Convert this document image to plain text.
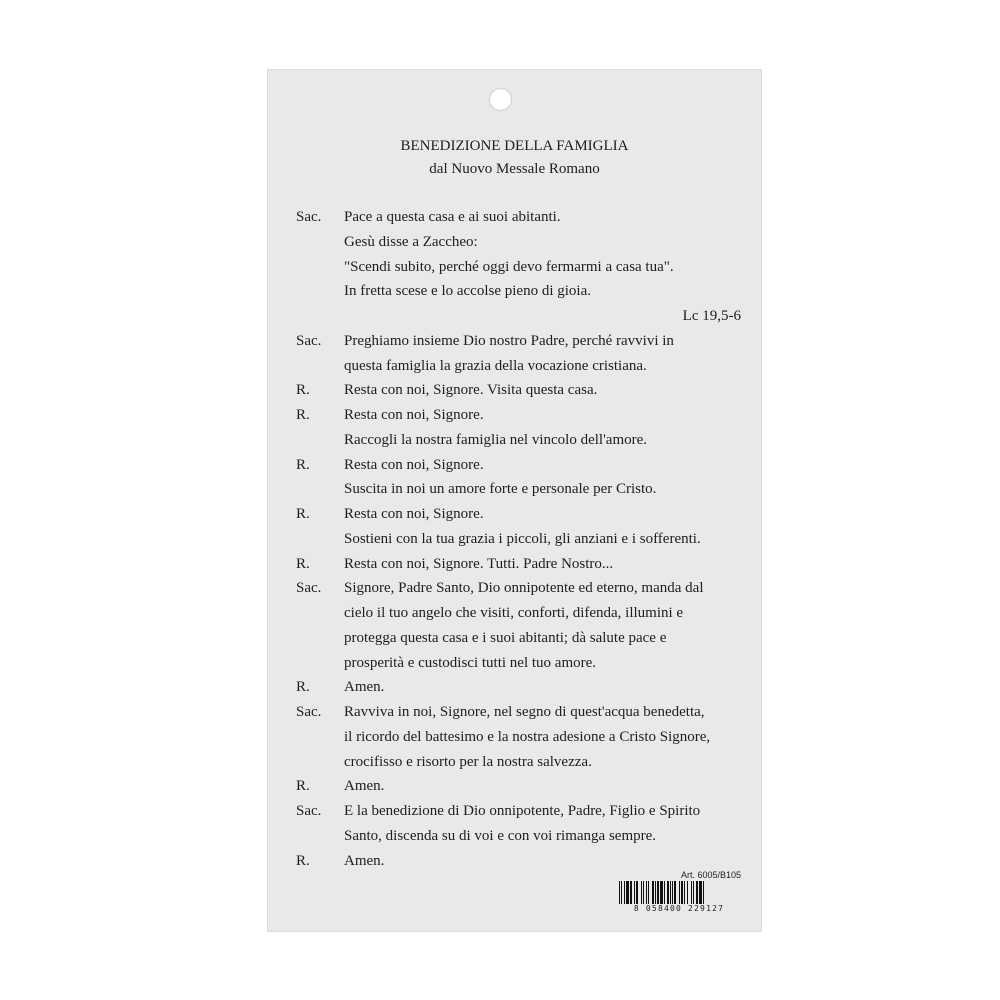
BENEDIZIONE DELLA FAMIGLIA
dal Nuovo Messale Romano
Sac. Pace a questa casa e ai suoi abitanti.
Gesù disse a Zaccheo:
"Scendi subito, perché oggi devo fermarmi a casa tua".
In fretta scese e lo accolse pieno di gioia.
Lc 19,5-6
Sac. Preghiamo insieme Dio nostro Padre, perché ravvivi in
questa famiglia la grazia della vocazione cristiana.
R. Resta con noi, Signore. Visita questa casa.
R. Resta con noi, Signore.
Raccogli la nostra famiglia nel vincolo dell'amore.
R. Resta con noi, Signore.
Suscita in noi un amore forte e personale per Cristo.
R. Resta con noi, Signore.
Sostieni con la tua grazia i piccoli, gli anziani e i sofferenti.
R. Resta con noi, Signore. Tutti. Padre Nostro...
Sac. Signore, Padre Santo, Dio onnipotente ed eterno, manda dal
cielo il tuo angelo che visiti, conforti, difenda, illumini e
protegga questa casa e i suoi abitanti; dà salute pace e
prosperità e custodisci tutti nel tuo amore.
R. Amen.
Sac. Ravviva in noi, Signore, nel segno di quest'acqua benedetta,
il ricordo del battesimo e la nostra adesione a Cristo Signore,
crocifisso e risorto per la nostra salvezza.
R. Amen.
Sac. E la benedizione di Dio onnipotente, Padre, Figlio e Spirito
Santo, discenda su di voi e con voi rimanga sempre.
R. Amen.
Art. 6005/B105
8 058400 229127
